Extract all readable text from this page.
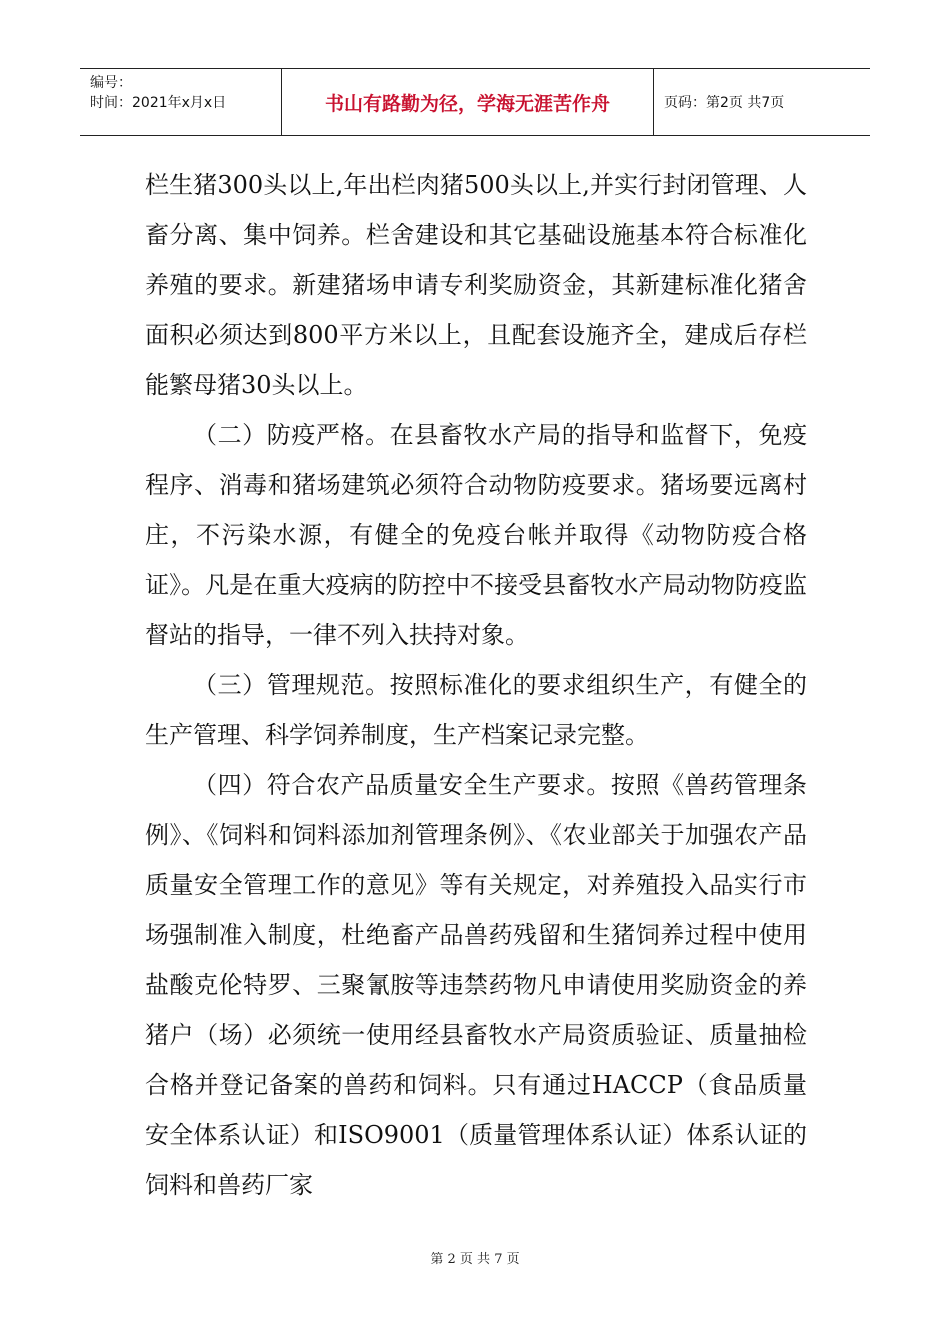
编号：
时间：2021年x月x日	书山有路勤为径，学海无涯苦作舟	页码：第2页 共7页

栏生猪300头以上,年出栏肉猪500头以上,并实行封闭管理、人畜分离、集中饲养。栏舍建设和其它基础设施基本符合标准化养殖的要求。新建猪场申请专利奖励资金，其新建标准化猪舍面积必须达到800平方米以上，且配套设施齐全，建成后存栏能繁母猪30头以上。

（二）防疫严格。在县畜牧水产局的指导和监督下，免疫程序、消毒和猪场建筑必须符合动物防疫要求。猪场要远离村庄，不污染水源，有健全的免疫台帐并取得《动物防疫合格证》。凡是在重大疫病的防控中不接受县畜牧水产局动物防疫监督站的指导，一律不列入扶持对象。

（三）管理规范。按照标准化的要求组织生产，有健全的生产管理、科学饲养制度，生产档案记录完整。

（四）符合农产品质量安全生产要求。按照《兽药管理条例》、《饲料和饲料添加剂管理条例》、《农业部关于加强农产品质量安全管理工作的意见》等有关规定，对养殖投入品实行市场强制准入制度，杜绝畜产品兽药残留和生猪饲养过程中使用盐酸克伦特罗、三聚氰胺等违禁药物凡申请使用奖励资金的养猪户（场）必须统一使用经县畜牧水产局资质验证、质量抽检合格并登记备案的兽药和饲料。只有通过HACCP（食品质量安全体系认证）和ISO9001（质量管理体系认证）体系认证的饲料和兽药厂家

第 2 页 共 7 页
